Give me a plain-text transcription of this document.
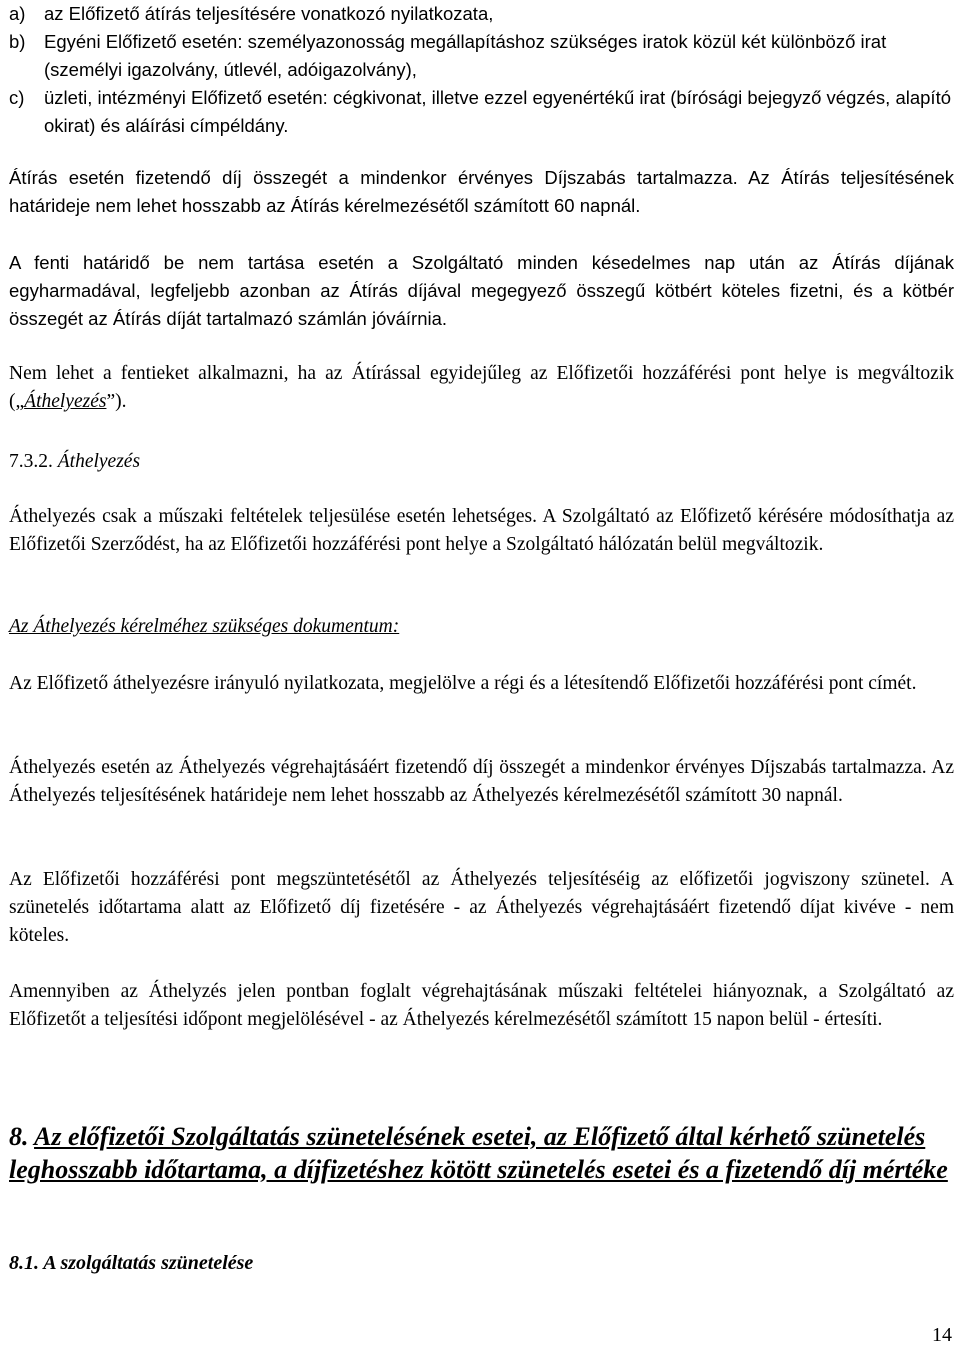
a) az Előfizető átírás teljesítésére vonatkozó nyilatkozata,

b) Egyéni Előfizető esetén: személyazonosság megállapításhoz szükséges iratok közül két különböző irat (személyi igazolvány, útlevél, adóigazolvány),

c) üzleti, intézményi Előfizető esetén: cégkivonat, illetve ezzel egyenértékű irat (bírósági bejegyző végzés, alapító okirat) és aláírási címpéldány.

Átírás esetén fizetendő díj összegét a mindenkor érvényes Díjszabás tartalmazza. Az Átírás teljesítésének határideje nem lehet hosszabb az Átírás kérelmezésétől számított 60 napnál.

A fenti határidő be nem tartása esetén a Szolgáltató minden késedelmes nap után az Átírás díjának egyharmadával, legfeljebb azonban az Átírás díjával megegyező összegű kötbért köteles fizetni, és a kötbér összegét az Átírás díját tartalmazó számlán jóváírnia.

Nem lehet a fentieket alkalmazni, ha az Átírással egyidejűleg az Előfizetői hozzáférési pont helye is megváltozik („Áthelyezés”).

7.3.2. Áthelyezés

Áthelyezés csak a műszaki feltételek teljesülése esetén lehetséges. A Szolgáltató az Előfizető kérésére módosíthatja az Előfizetői Szerződést, ha az Előfizetői hozzáférési pont helye a Szolgáltató hálózatán belül megváltozik.

Az Áthelyezés kérelméhez szükséges dokumentum:

Az Előfizető áthelyezésre irányuló nyilatkozata, megjelölve a régi és a létesítendő Előfizetői hozzáférési pont címét.

Áthelyezés esetén az Áthelyezés végrehajtásáért fizetendő díj összegét a mindenkor érvényes Díjszabás tartalmazza. Az Áthelyezés teljesítésének határideje nem lehet hosszabb az Áthelyezés kérelmezésétől számított 30 napnál.

Az Előfizetői hozzáférési pont megszüntetésétől az Áthelyezés teljesítéséig az előfizetői jogviszony szünetel. A szünetelés időtartama alatt az Előfizető díj fizetésére - az Áthelyezés végrehajtásáért fizetendő díjat kivéve - nem köteles.

Amennyiben az Áthelyzés jelen pontban foglalt végrehajtásának műszaki feltételei hiányoznak, a Szolgáltató az Előfizetőt a teljesítési időpont megjelölésével - az Áthelyezés kérelmezésétől számított 15 napon belül - értesíti.

8. Az előfizetői Szolgáltatás szünetelésének esetei, az Előfizető által kérhető szünetelés leghosszabb időtartama, a díjfizetéshez kötött szünetelés esetei és a fizetendő díj mértéke

8.1. A szolgáltatás szünetelése

14
